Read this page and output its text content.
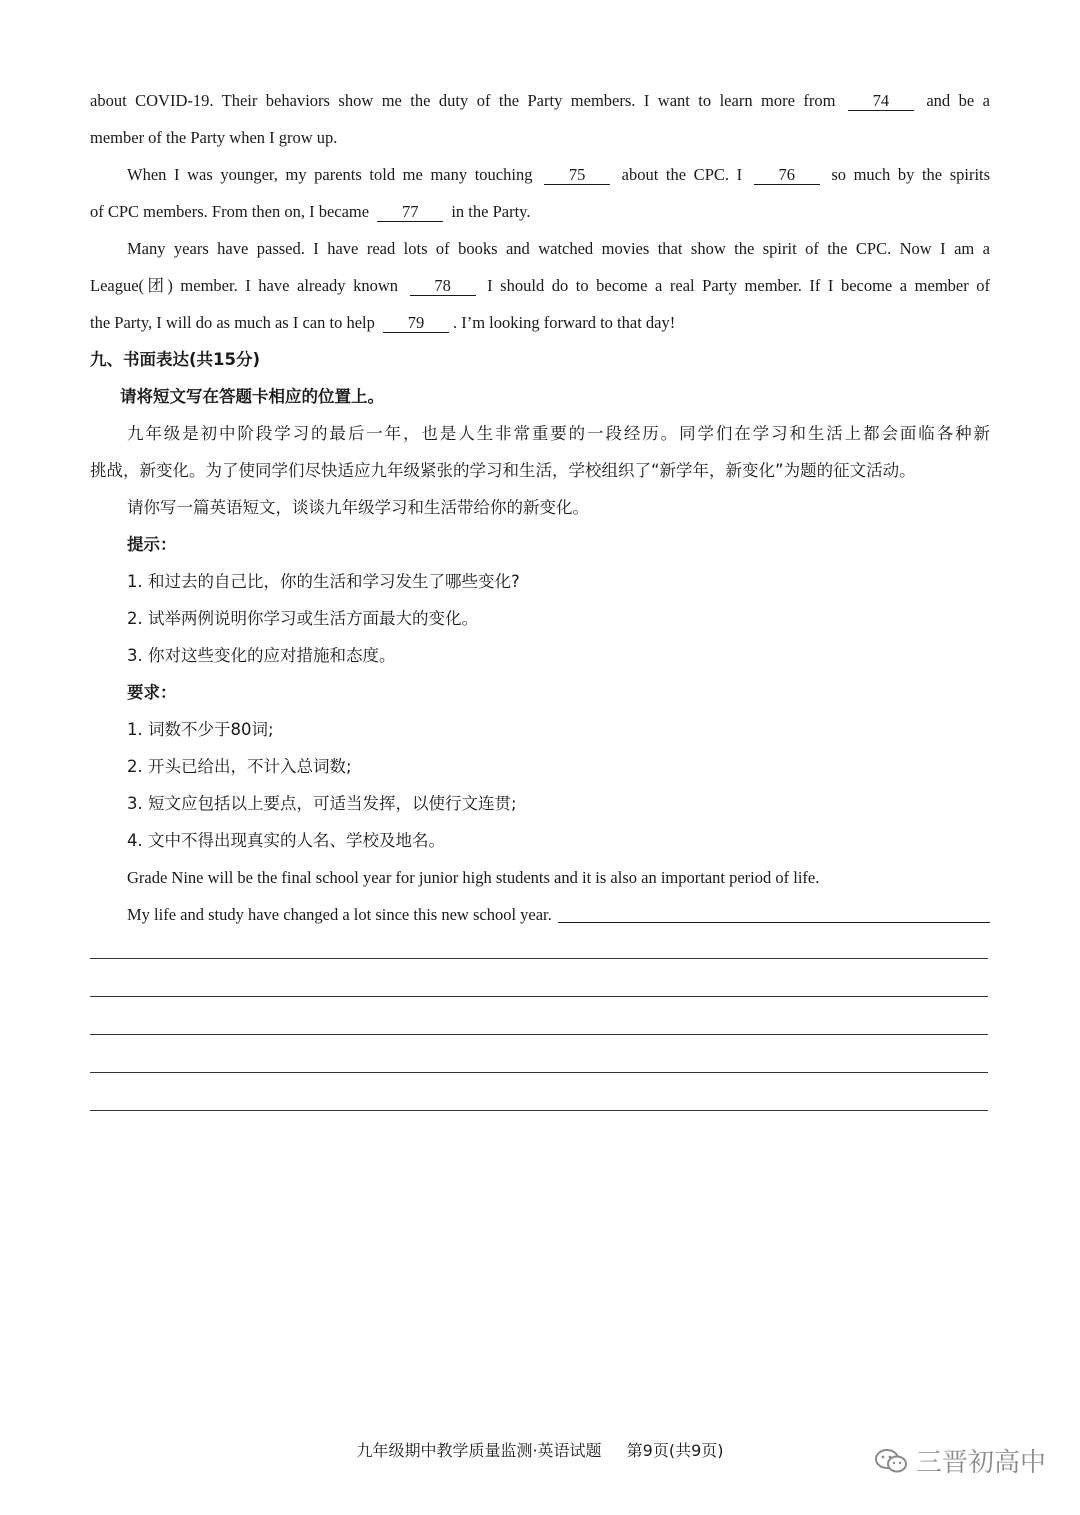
about COVID-19. Their behaviors show me the duty of the Party members. I want to learn more from 74 and be a
member of the Party when I grow up.
When I was younger, my parents told me many touching 75 about the CPC. I 76 so much by the spirits
of CPC members. From then on, I became 77 in the Party.
Many years have passed. I have read lots of books and watched movies that show the spirit of the CPC. Now I am a
League(团) member. I have already known 78 I should do to become a real Party member. If I become a member of
the Party, I will do as much as I can to help 79 . I’m looking forward to that day!
九、书面表达(共15分)
请将短文写在答题卡相应的位置上。
九年级是初中阶段学习的最后一年，也是人生非常重要的一段经历。同学们在学习和生活上都会面临各种新
挑战，新变化。为了使同学们尽快适应九年级紧张的学习和生活，学校组织了“新学年，新变化”为题的征文活动。
请你写一篇英语短文，谈谈九年级学习和生活带给你的新变化。
提示：
1. 和过去的自己比，你的生活和学习发生了哪些变化?
2. 试举两例说明你学习或生活方面最大的变化。
3. 你对这些变化的应对措施和态度。
要求：
1. 词数不少于80词;
2. 开头已给出，不计入总词数;
3. 短文应包括以上要点，可适当发挥，以使行文连贯;
4. 文中不得出现真实的人名、学校及地名。
Grade Nine will be the final school year for junior high students and it is also an important period of life.
My life and study have changed a lot since this new school year.
九年级期中教学质量监测·英语试题 第9页(共9页)	三晋初高中
